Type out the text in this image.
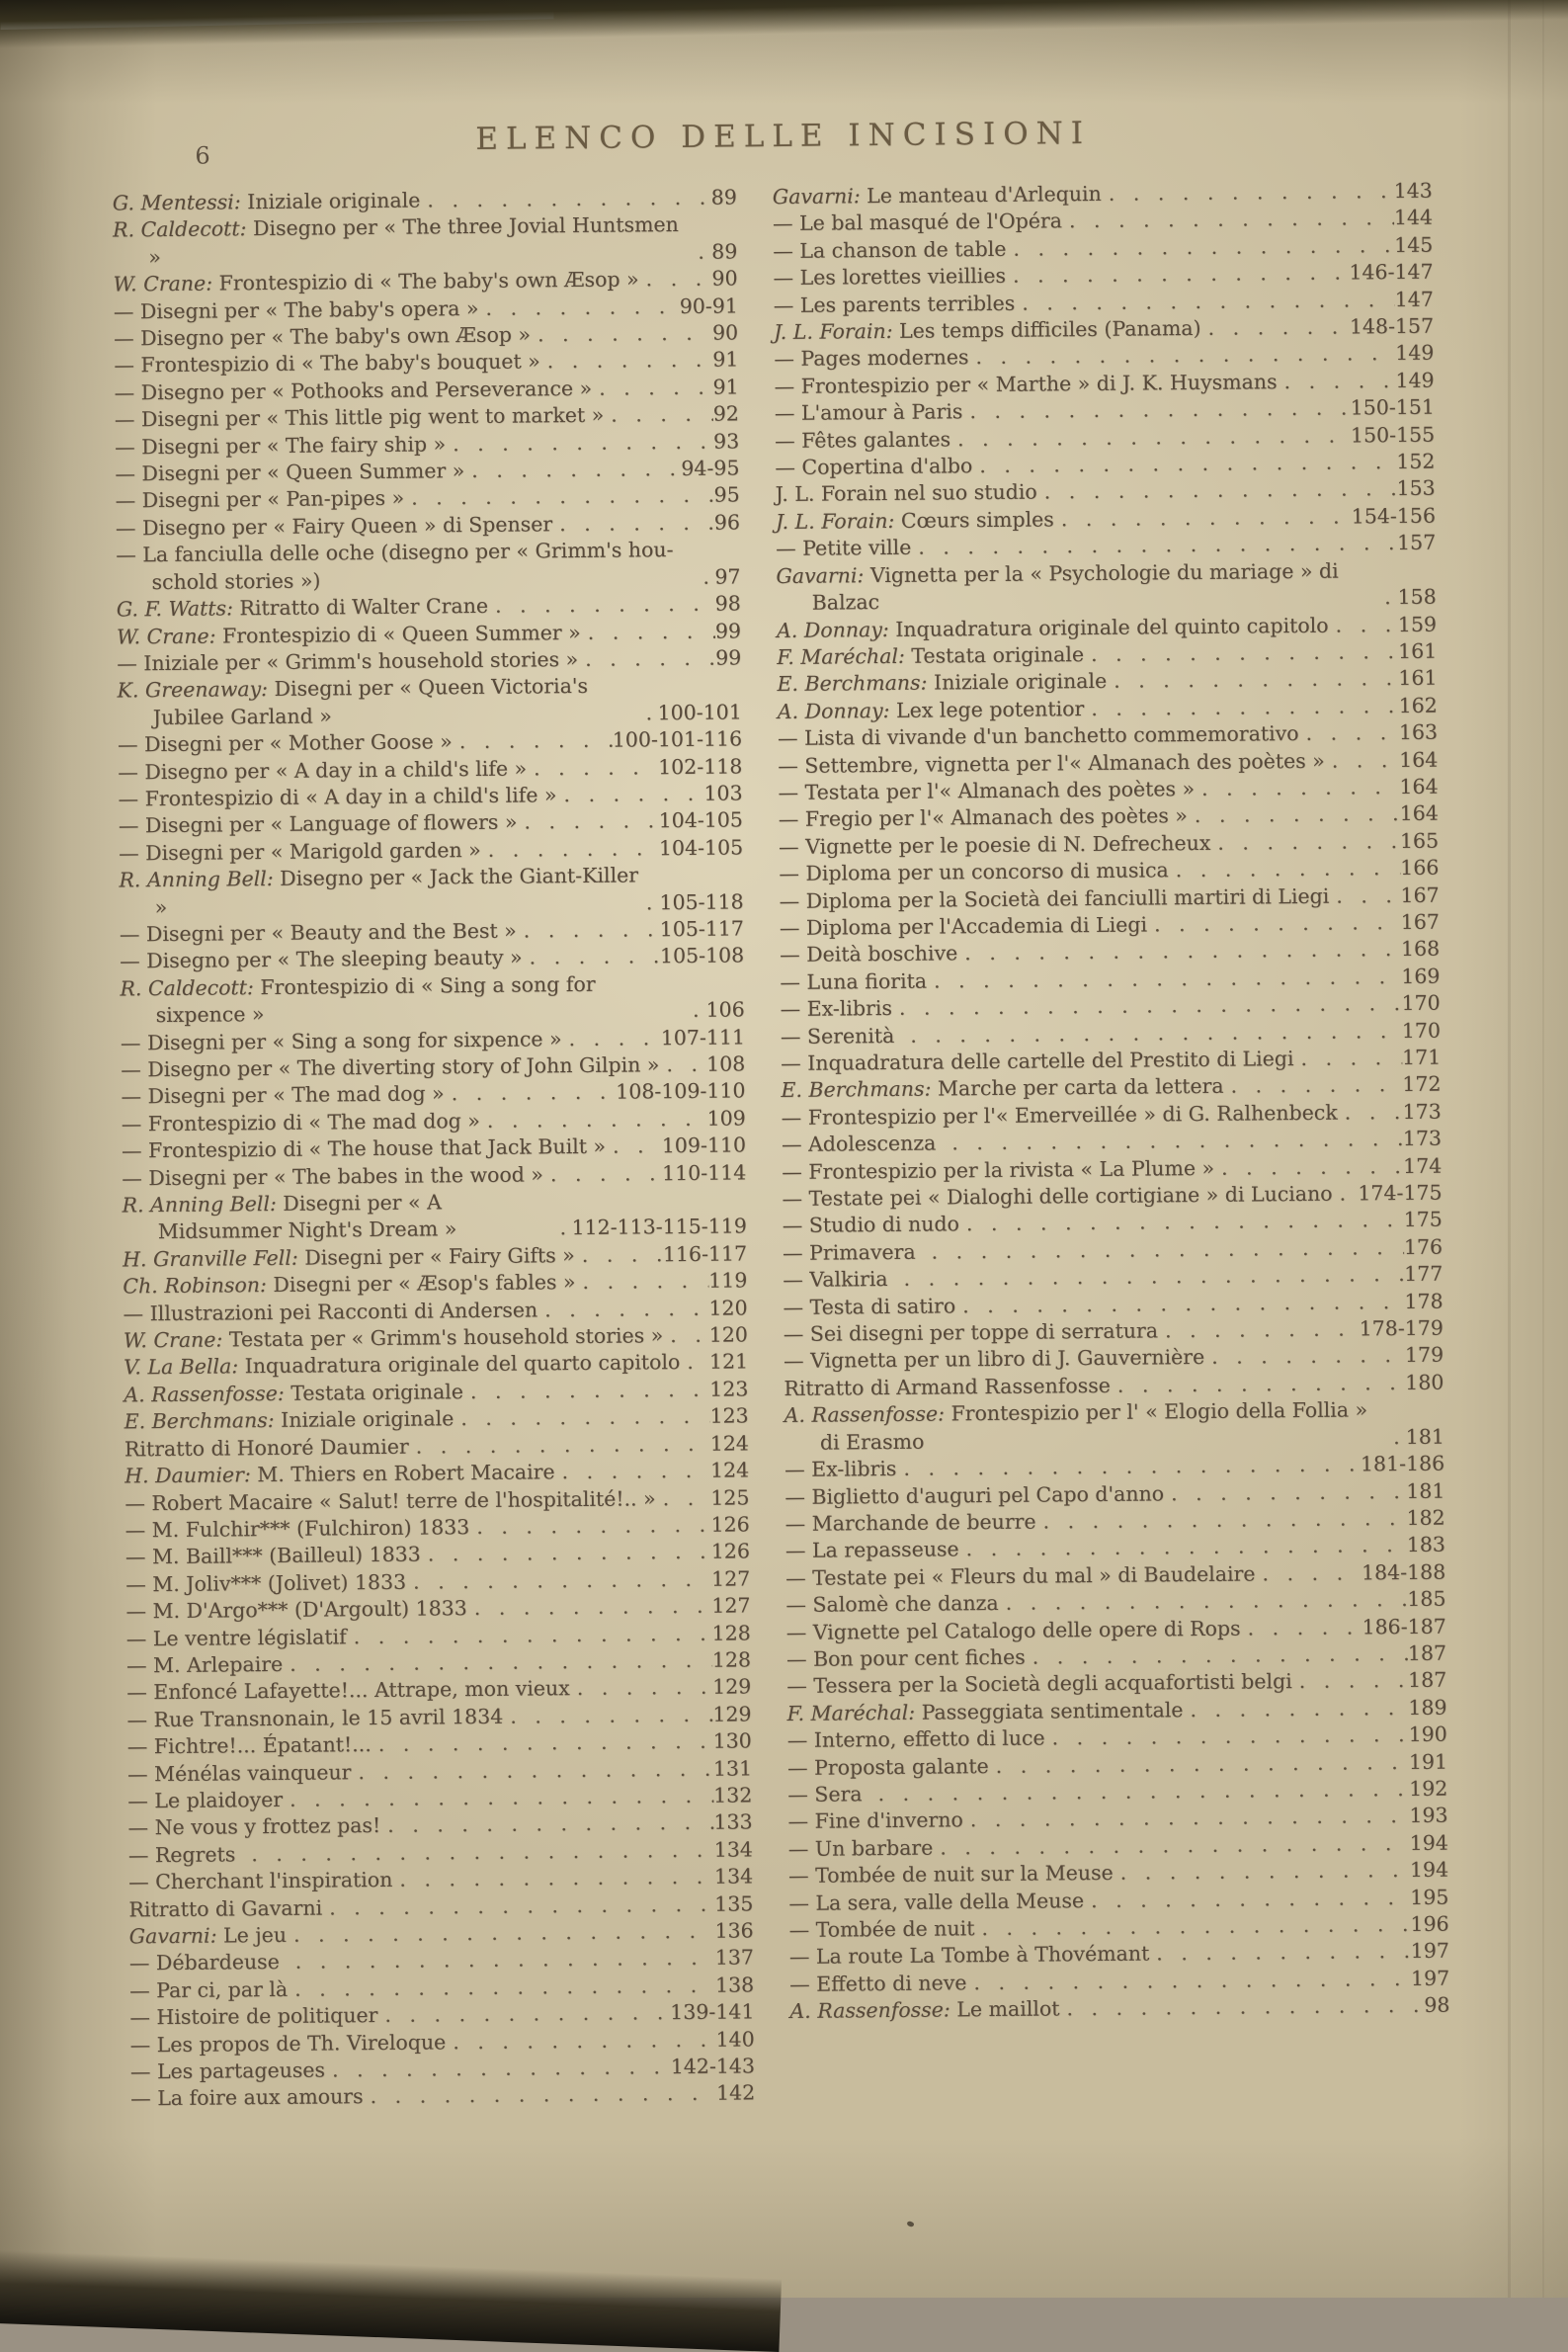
6	ELENCO DELLE INCISIONI
G. Mentessi: Iniziale originale . . .	89
R. Caldecott: Disegno per « The three Jovial Huntsmen » . . .	89
W. Crane: Frontespizio di « The baby's own Æsop » . . .	90
— Disegni per « The baby's opera » . . .	90-91
— Disegno per « The baby's own Æsop » . . .	90
— Frontespizio di « The baby's bouquet » . . .	91
— Disegno per « Pothooks and Perseverance » . . .	91
— Disegni per « This little pig went to market » . . .	92
— Disegni per « The fairy ship » . . .	93
— Disegni per « Queen Summer » . . .	94-95
— Disegni per « Pan-pipes » . . .	95
— Disegno per « Fairy Queen » di Spenser . . .	96
— La fanciulla delle oche (disegno per « Grimm's hou-schold stories ») . . .	97
G. F. Watts: Ritratto di Walter Crane . . .	98
W. Crane: Frontespizio di « Queen Summer » . . .	99
— Iniziale per « Grimm's household stories » . . .	99
K. Greenaway: Disegni per « Queen Victoria's Jubilee Garland » . . .	100-101
— Disegni per « Mother Goose » . . .	100-101-116
— Disegno per « A day in a child's life » . . .	102-118
— Frontespizio di « A day in a child's life » . . .	103
— Disegni per « Language of flowers » . . .	104-105
— Disegni per « Marigold garden » . . .	104-105
R. Anning Bell: Disegno per « Jack the Giant-Killer » . . .	105-118
— Disegni per « Beauty and the Best » . . .	105-117
— Disegno per « The sleeping beauty » . . .	105-108
R. Caldecott: Frontespizio di « Sing a song for sixpence » . . .	106
— Disegni per « Sing a song for sixpence » . . .	107-111
— Disegno per « The diverting story of John Gilpin » . . . 108
— Disegni per « The mad dog » . . .	108-109-110
— Frontespizio di « The mad dog » . . .	109
— Frontespizio di « The house that Jack Built » . . .	109-110
— Disegni per « The babes in the wood » . . .	110-114
R. Anning Bell: Disegni per « A Midsummer Night's Dream » . . .	112-113-115-119
H. Granville Fell: Disegni per « Fairy Gifts » . . .	116-117
Ch. Robinson: Disegni per « Æsop's fables » . . .	119
— Illustrazioni pei Racconti di Andersen . . .	120
W. Crane: Testata per « Grimm's household stories » . . . 120
V. La Bella: Inquadratura originale del quarto capitolo . . . 121
A. Rassenfosse: Testata originale . . .	123
E. Berchmans: Iniziale originale . . .	123
Ritratto di Honoré Daumier . . .	124
H. Daumier: M. Thiers en Robert Macaire . . .	124
— Robert Macaire « Salut! terre de l'hospitalité!.. » . . .	125
— M. Fulchir*** (Fulchiron) 1833 . . .	126
— M. Baill*** (Bailleul) 1833 . . .	126
— M. Joliv*** (Jolivet) 1833 . . .	127
— M. D'Argo*** (D'Argoult) 1833 . . .	127
— Le ventre législatif . . .	128
— M. Arlepaire . . .	128
— Enfoncé Lafayette!... Attrape, mon vieux . . .	129
— Rue Transnonain, le 15 avril 1834 . . .	129
— Fichtre!... Épatant!... . . .	130
— Ménélas vainqueur . . .	131
— Le plaidoyer . . .	132
— Ne vous y frottez pas! . . .	133
— Regrets . . .	134
— Cherchant l'inspiration . . .	134
Ritratto di Gavarni . . .	135
Gavarni: Le jeu . . .	136
— Débardeuse . . .	137
— Par ci, par là . . .	138
— Histoire de politiquer . . .	139-141
— Les propos de Th. Vireloque . . .	140
— Les partageuses . . .	142-143
— La foire aux amours . . .	142
Gavarni: Le manteau d'Arlequin . . .	143
— Le bal masqué de l'Opéra . . .	144
— La chanson de table . . .	145
— Les lorettes vieillies . . .	146-147
— Les parents terribles . . .	147
J. L. Forain: Les temps difficiles (Panama) . . .	148-157
— Pages modernes . . .	149
— Frontespizio per « Marthe » di J. K. Huysmans . . .	149
— L'amour à Paris . . .	150-151
— Fêtes galantes . . .	150-155
— Copertina d'albo . . .	152
J. L. Forain nel suo studio . . .	153
J. L. Forain: Cœurs simples . . .	154-156
— Petite ville . . .	157
Gavarni: Vignetta per la « Psychologie du mariage » di Balzac . . .	158
A. Donnay: Inquadratura originale del quinto capitolo . . .	159
F. Maréchal: Testata originale . . .	161
E. Berchmans: Iniziale originale . . .	161
A. Donnay: Lex lege potentior . . .	162
— Lista di vivande d'un banchetto commemorativo . . .	163
— Settembre, vignetta per l'« Almanach des poètes » . . .	164
— Testata per l'« Almanach des poètes » . . .	164
— Fregio per l'« Almanach des poètes » . . .	164
— Vignette per le poesie di N. Defrecheux . . .	165
— Diploma per un concorso di musica . . .	166
— Diploma per la Società dei fanciulli martiri di Liegi . . .	167
— Diploma per l'Accademia di Liegi . . .	167
— Deità boschive . . .	168
— Luna fiorita . . .	169
— Ex-libris . . .	170
— Serenità . . .	170
— Inquadratura delle cartelle del Prestito di Liegi . . .	171
E. Berchmans: Marche per carta da lettera . . .	172
— Frontespizio per l'« Emerveillée » di G. Ralhenbeck . . .	173
— Adolescenza . . .	173
— Frontespizio per la rivista « La Plume » . . .	174
— Testate pei « Dialoghi delle cortigiane » di Luciano . . . 174-175
— Studio di nudo . . .	175
— Primavera . . .	176
— Valkiria . . .	177
— Testa di satiro . . .	178
— Sei disegni per toppe di serratura . . .	178-179
— Vignetta per un libro di J. Gauvernière . . .	179
Ritratto di Armand Rassenfosse . . .	180
A. Rassenfosse: Frontespizio per l' « Elogio della Follia » di Erasmo . . .	181
— Ex-libris . . .	181-186
— Biglietto d'auguri pel Capo d'anno . . .	181
— Marchande de beurre . . .	182
— La repasseuse . . .	183
— Testate pei « Fleurs du mal » di Baudelaire . . .	184-188
— Salomè che danza . . .	185
— Vignette pel Catalogo delle opere di Rops . . .	186-187
— Bon pour cent fiches . . .	187
— Tessera per la Società degli acquafortisti belgi . . .	187
F. Maréchal: Passeggiata sentimentale . . .	189
— Interno, effetto di luce . . .	190
— Proposta galante . . .	191
— Sera . . .	192
— Fine d'inverno . . .	193
— Un barbare . . .	194
— Tombée de nuit sur la Meuse . . .	194
— La sera, valle della Meuse . . .	195
— Tombée de nuit . . .	196
— La route La Tombe à Thovémant . . .	197
— Effetto di neve . . .	197
A. Rassenfosse: Le maillot . . .	98
